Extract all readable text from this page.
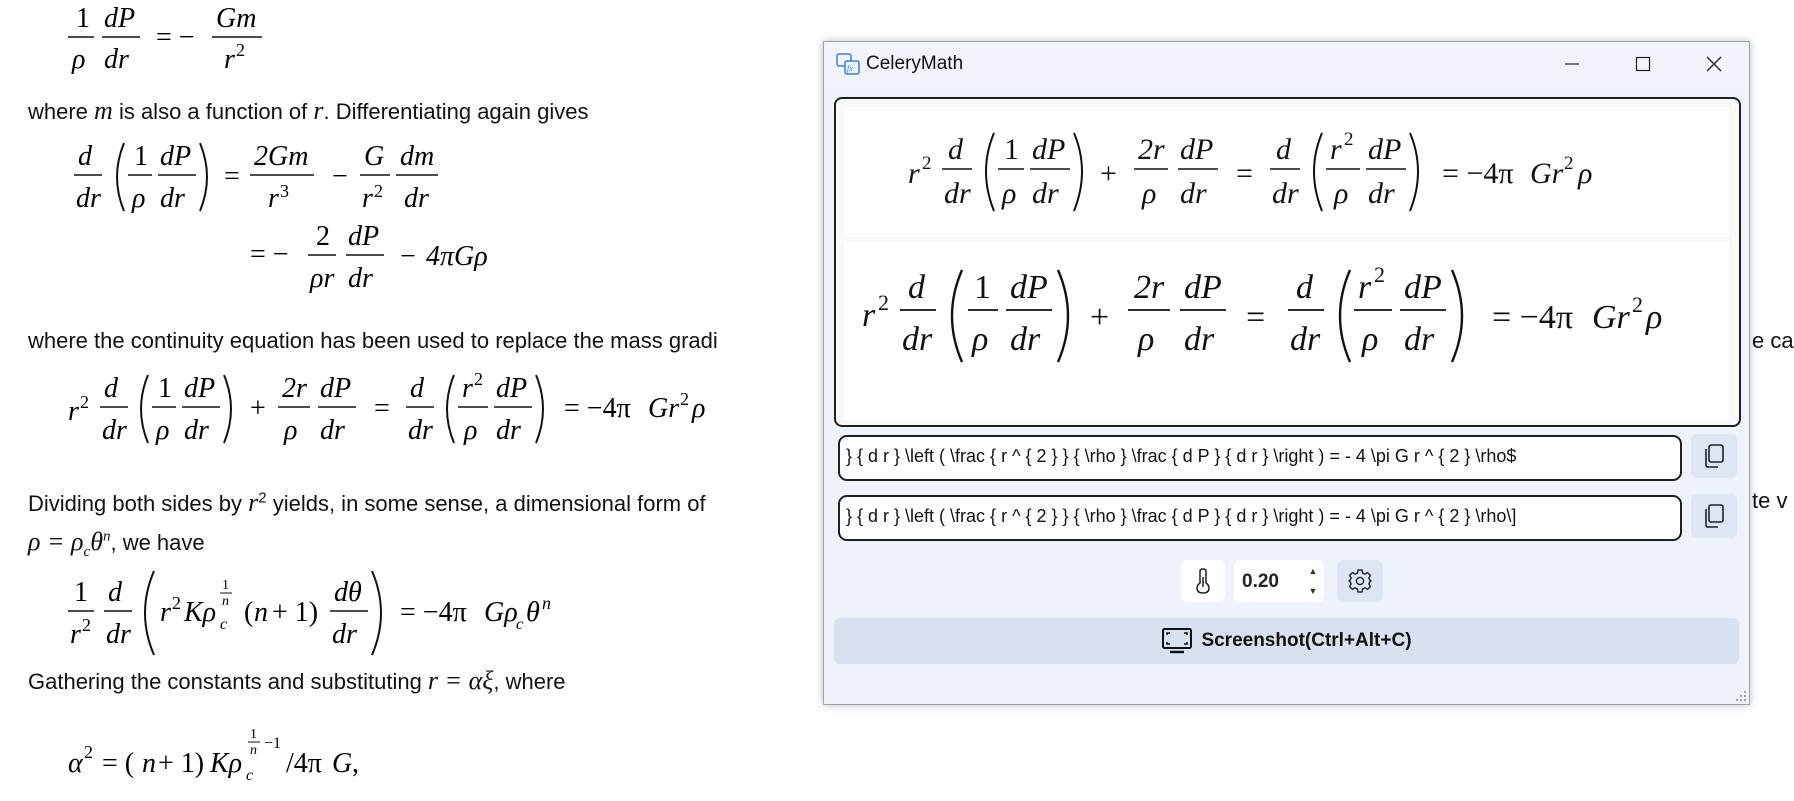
1
ρ
dP
dr
= −
Gm
r 2
where m is also a function of r. Differentiating again gives
d
dr
1
ρ
dP
dr
=
2Gm
r 3 −
G
r 2
dm
dr
= −
2
ρr
dP
dr
− 4πGρ
where the continuity equation has been used to replace the mass gradi	e ca
r 2 d
dr
1
ρ
dP
dr
+
2r
ρ
dP
dr
=
d
dr
r 2
ρ
dP
dr
= −4π Gr 2 ρ
Dividing both sides by $r^2$ yields, in some sense, a dimensional form of	te v
$\rho = \rho_c\theta^n$, we have
1
r 2
d
dr
r 2 Kρ c
1
n ( n + 1)
dθ
dr
= −4π Gρ
c θ n
Gathering the constants and substituting r = αξ, where
α 2 = ( n + 1) Kρ c
1
n −1
/4π G ,
fx CeleryMath
r 2 d
dr
1
ρ
dP
dr
+
2r
ρ
dP
dr
=
d
dr
r 2
ρ
dP
dr
= −4π Gr 2 ρ
r 2 d
dr
1
ρ
dP
dr
+
2r
ρ
dP
dr
=
d
dr
r 2
ρ
dP
dr
= −4π Gr 2 ρ
} { d r } \left ( \frac { r ^ { 2 } } { \rho } \frac { d P } { d r } \right ) = - 4 \pi G r ^ { 2 } \rho$
} { d r } \left ( \frac { r ^ { 2 } } { \rho } \frac { d P } { d r } \right ) = - 4 \pi G r ^ { 2 } \rho\]
0.20
▲
▼
Screenshot(Ctrl+Alt+C)
